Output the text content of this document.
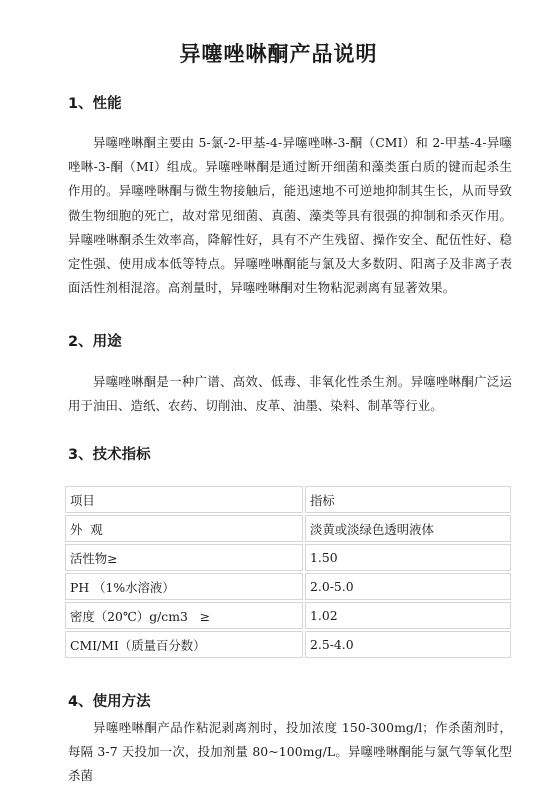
异噻唑啉酮产品说明
1、性能

异噻唑啉酮主要由 5-氯-2-甲基-4-异噻唑啉-3-酮（CMI）和 2-甲基-4-异噻唑啉-3-酮（MI）组成。异噻唑啉酮是通过断开细菌和藻类蛋白质的键而起杀生作用的。异噻唑啉酮与微生物接触后，能迅速地不可逆地抑制其生长，从而导致微生物细胞的死亡，故对常见细菌、真菌、藻类等具有很强的抑制和杀灭作用。异噻唑啉酮杀生效率高，降解性好，具有不产生残留、操作安全、配伍性好、稳定性强、使用成本低等特点。异噻唑啉酮能与氯及大多数阴、阳离子及非离子表面活性剂相混溶。高剂量时，异噻唑啉酮对生物粘泥剥离有显著效果。

2、用途

异噻唑啉酮是一种广谱、高效、低毒、非氧化性杀生剂。异噻唑啉酮广泛运用于油田、造纸、农药、切削油、皮革、油墨、染料、制革等行业。

3、技术指标
项目	指标
外  观	淡黄或淡绿色透明液体
活性物≥	1.50
PH （1%水溶液）	2.0-5.0
密度（20℃）g/cm3   ≥	1.02
CMI/MI（质量百分数）	2.5-4.0
4、使用方法

异噻唑啉酮产品作粘泥剥离剂时，投加浓度 150-300mg/l；作杀菌剂时，每隔 3-7 天投加一次，投加剂量 80~100mg/L。异噻唑啉酮能与氯气等氧化型杀菌
